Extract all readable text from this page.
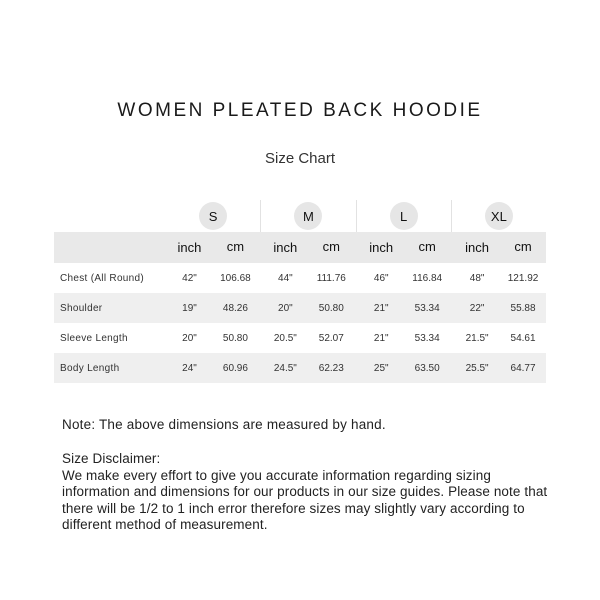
WOMEN PLEATED BACK HOODIE
Size Chart
S	M	L	XL
inch	cm	inch	cm	inch	cm	inch	cm
Chest (All Round)	42"	106.68	44"	111.76	46"	116.84	48"	121.92
Shoulder	19"	48.26	20"	50.80	21"	53.34	22"	55.88
Sleeve Length	20"	50.80	20.5"	52.07	21"	53.34	21.5"	54.61
Body Length	24"	60.96	24.5"	62.23	25"	63.50	25.5"	64.77
Note: The above dimensions are measured by hand.
Size Disclaimer:
We make every effort to give you accurate information regarding sizing information and dimensions for our products in our size guides. Please note that there will be 1/2 to 1 inch error therefore sizes may slightly vary according to different method of measurement.
